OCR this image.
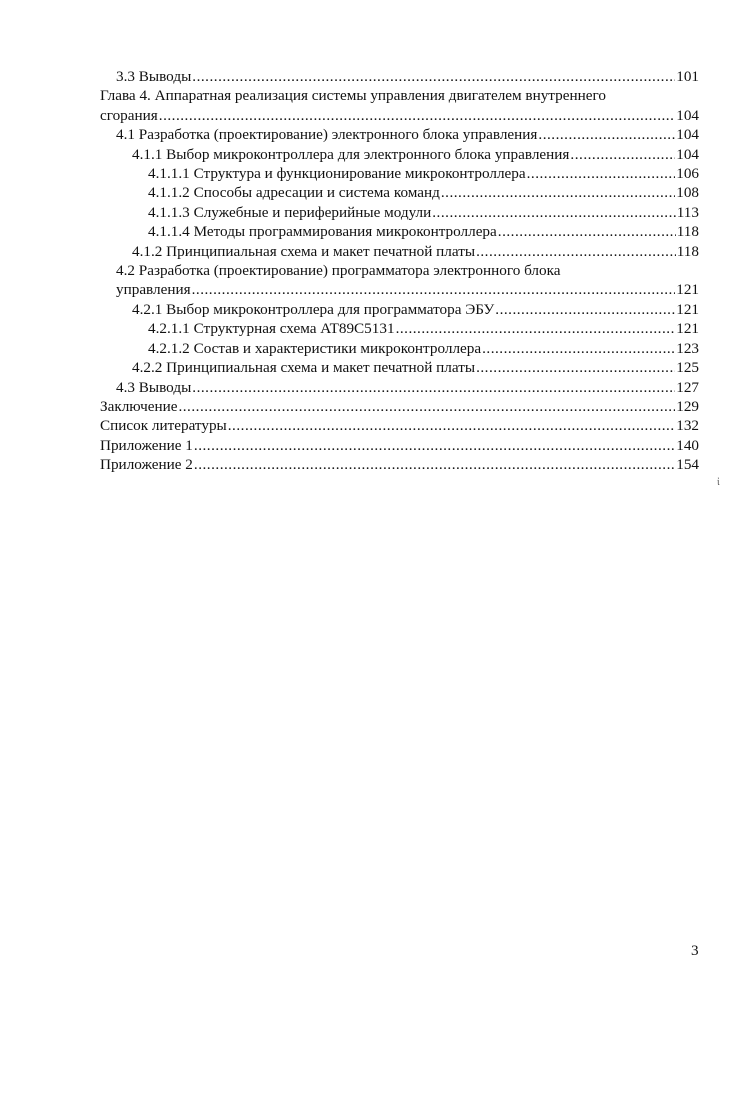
3.3 Выводы .....	101
Глава 4. Аппаратная реализация системы управления двигателем внутреннего
сгорания .....	104
4.1 Разработка (проектирование) электронного блока управления .....	104
4.1.1 Выбор микроконтроллера для электронного блока управления .....	104
4.1.1.1 Структура и функционирование микроконтроллера .....	106
4.1.1.2 Способы адресации и система команд .....	108
4.1.1.3 Служебные и периферийные модули .....	113
4.1.1.4 Методы программирования микроконтроллера .....	118
4.1.2 Принципиальная схема и макет печатной платы .....	118
4.2 Разработка (проектирование) программатора электронного блока
управления .....	121
4.2.1 Выбор микроконтроллера для программатора ЭБУ .....	121
4.2.1.1 Структурная схема AT89C5131 .....	121
4.2.1.2 Состав и характеристики микроконтроллера .....	123
4.2.2 Принципиальная схема и макет печатной платы .....	125
4.3 Выводы .....	127
Заключение .....	129
Список литературы .....	132
Приложение 1 .....	140
Приложение 2 .....	154
ἰ
3
